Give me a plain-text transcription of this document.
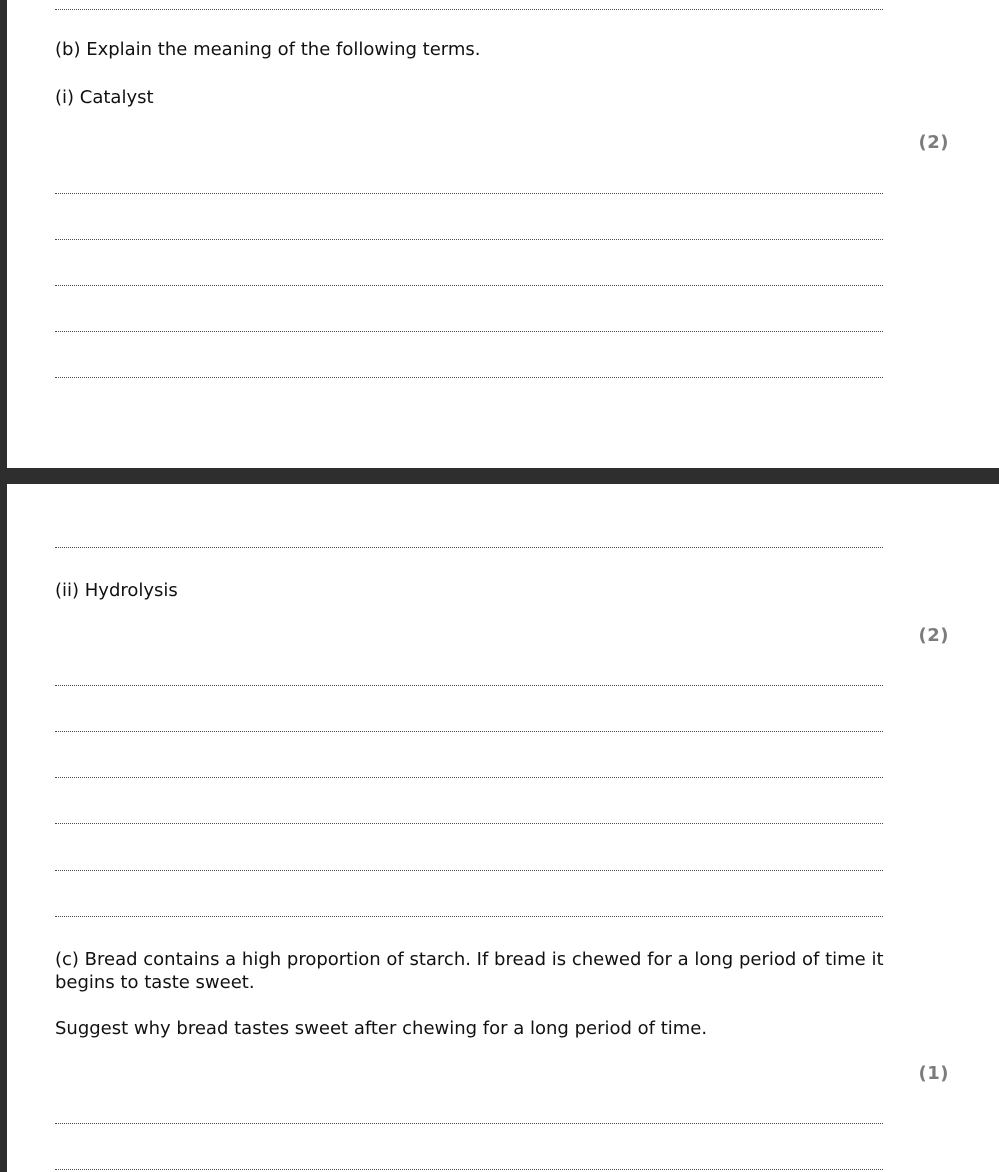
(b) Explain the meaning of the following terms.
(i) Catalyst
(2)
(ii) Hydrolysis
(2)
(c) Bread contains a high proportion of starch. If bread is chewed for a long period of time it begins to taste sweet.
Suggest why bread tastes sweet after chewing for a long period of time.
(1)
